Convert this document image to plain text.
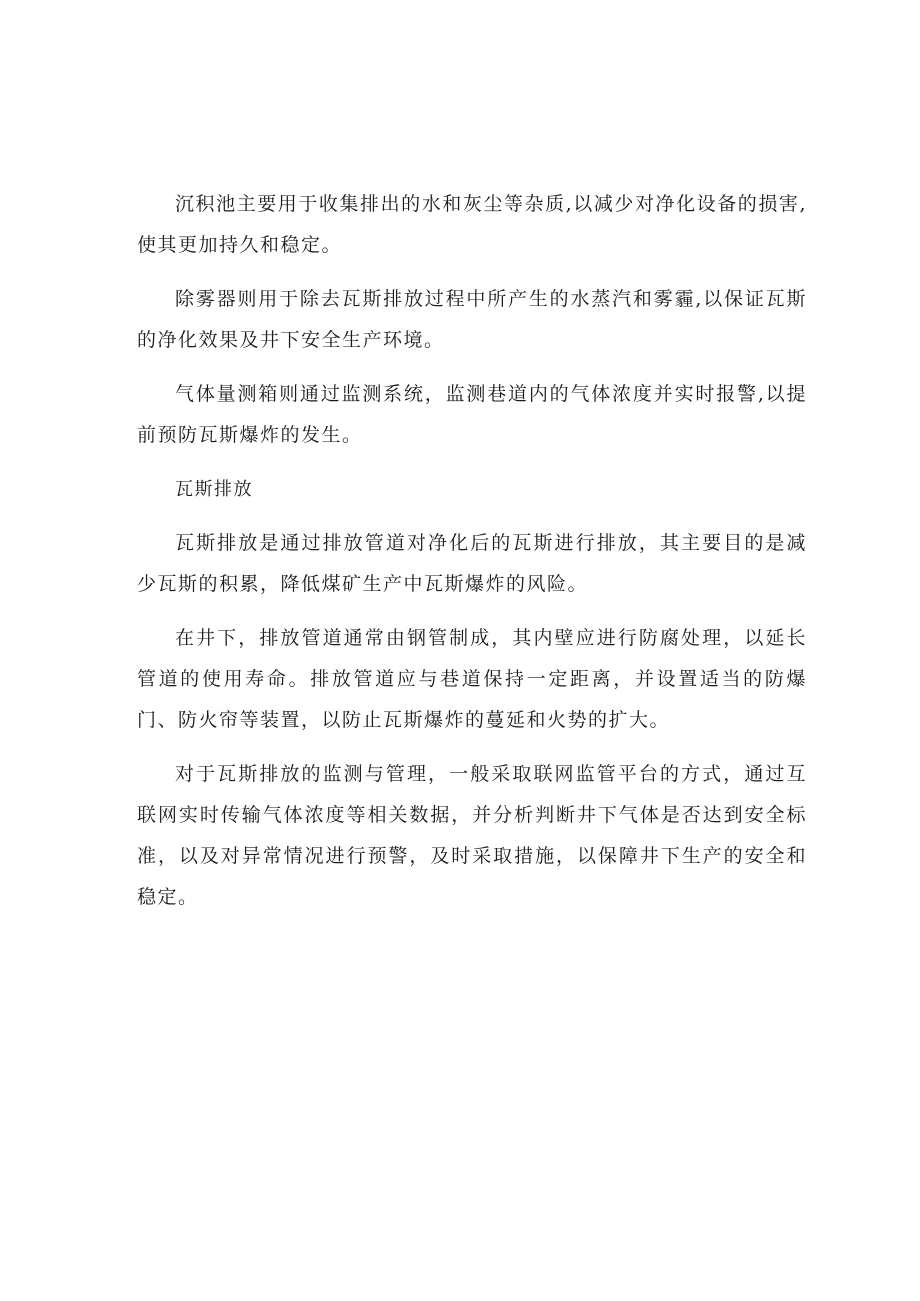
沉积池主要用于收集排出的水和灰尘等杂质,以减少对净化设备的损害,使其更加持久和稳定。

除雾器则用于除去瓦斯排放过程中所产生的水蒸汽和雾霾,以保证瓦斯的净化效果及井下安全生产环境。

气体量测箱则通过监测系统，监测巷道内的气体浓度并实时报警,以提前预防瓦斯爆炸的发生。

瓦斯排放

瓦斯排放是通过排放管道对净化后的瓦斯进行排放，其主要目的是减少瓦斯的积累，降低煤矿生产中瓦斯爆炸的风险。

在井下，排放管道通常由钢管制成，其内壁应进行防腐处理，以延长管道的使用寿命。排放管道应与巷道保持一定距离，并设置适当的防爆门、防火帘等装置，以防止瓦斯爆炸的蔓延和火势的扩大。

对于瓦斯排放的监测与管理，一般采取联网监管平台的方式，通过互联网实时传输气体浓度等相关数据，并分析判断井下气体是否达到安全标准，以及对异常情况进行预警，及时采取措施，以保障井下生产的安全和稳定。
